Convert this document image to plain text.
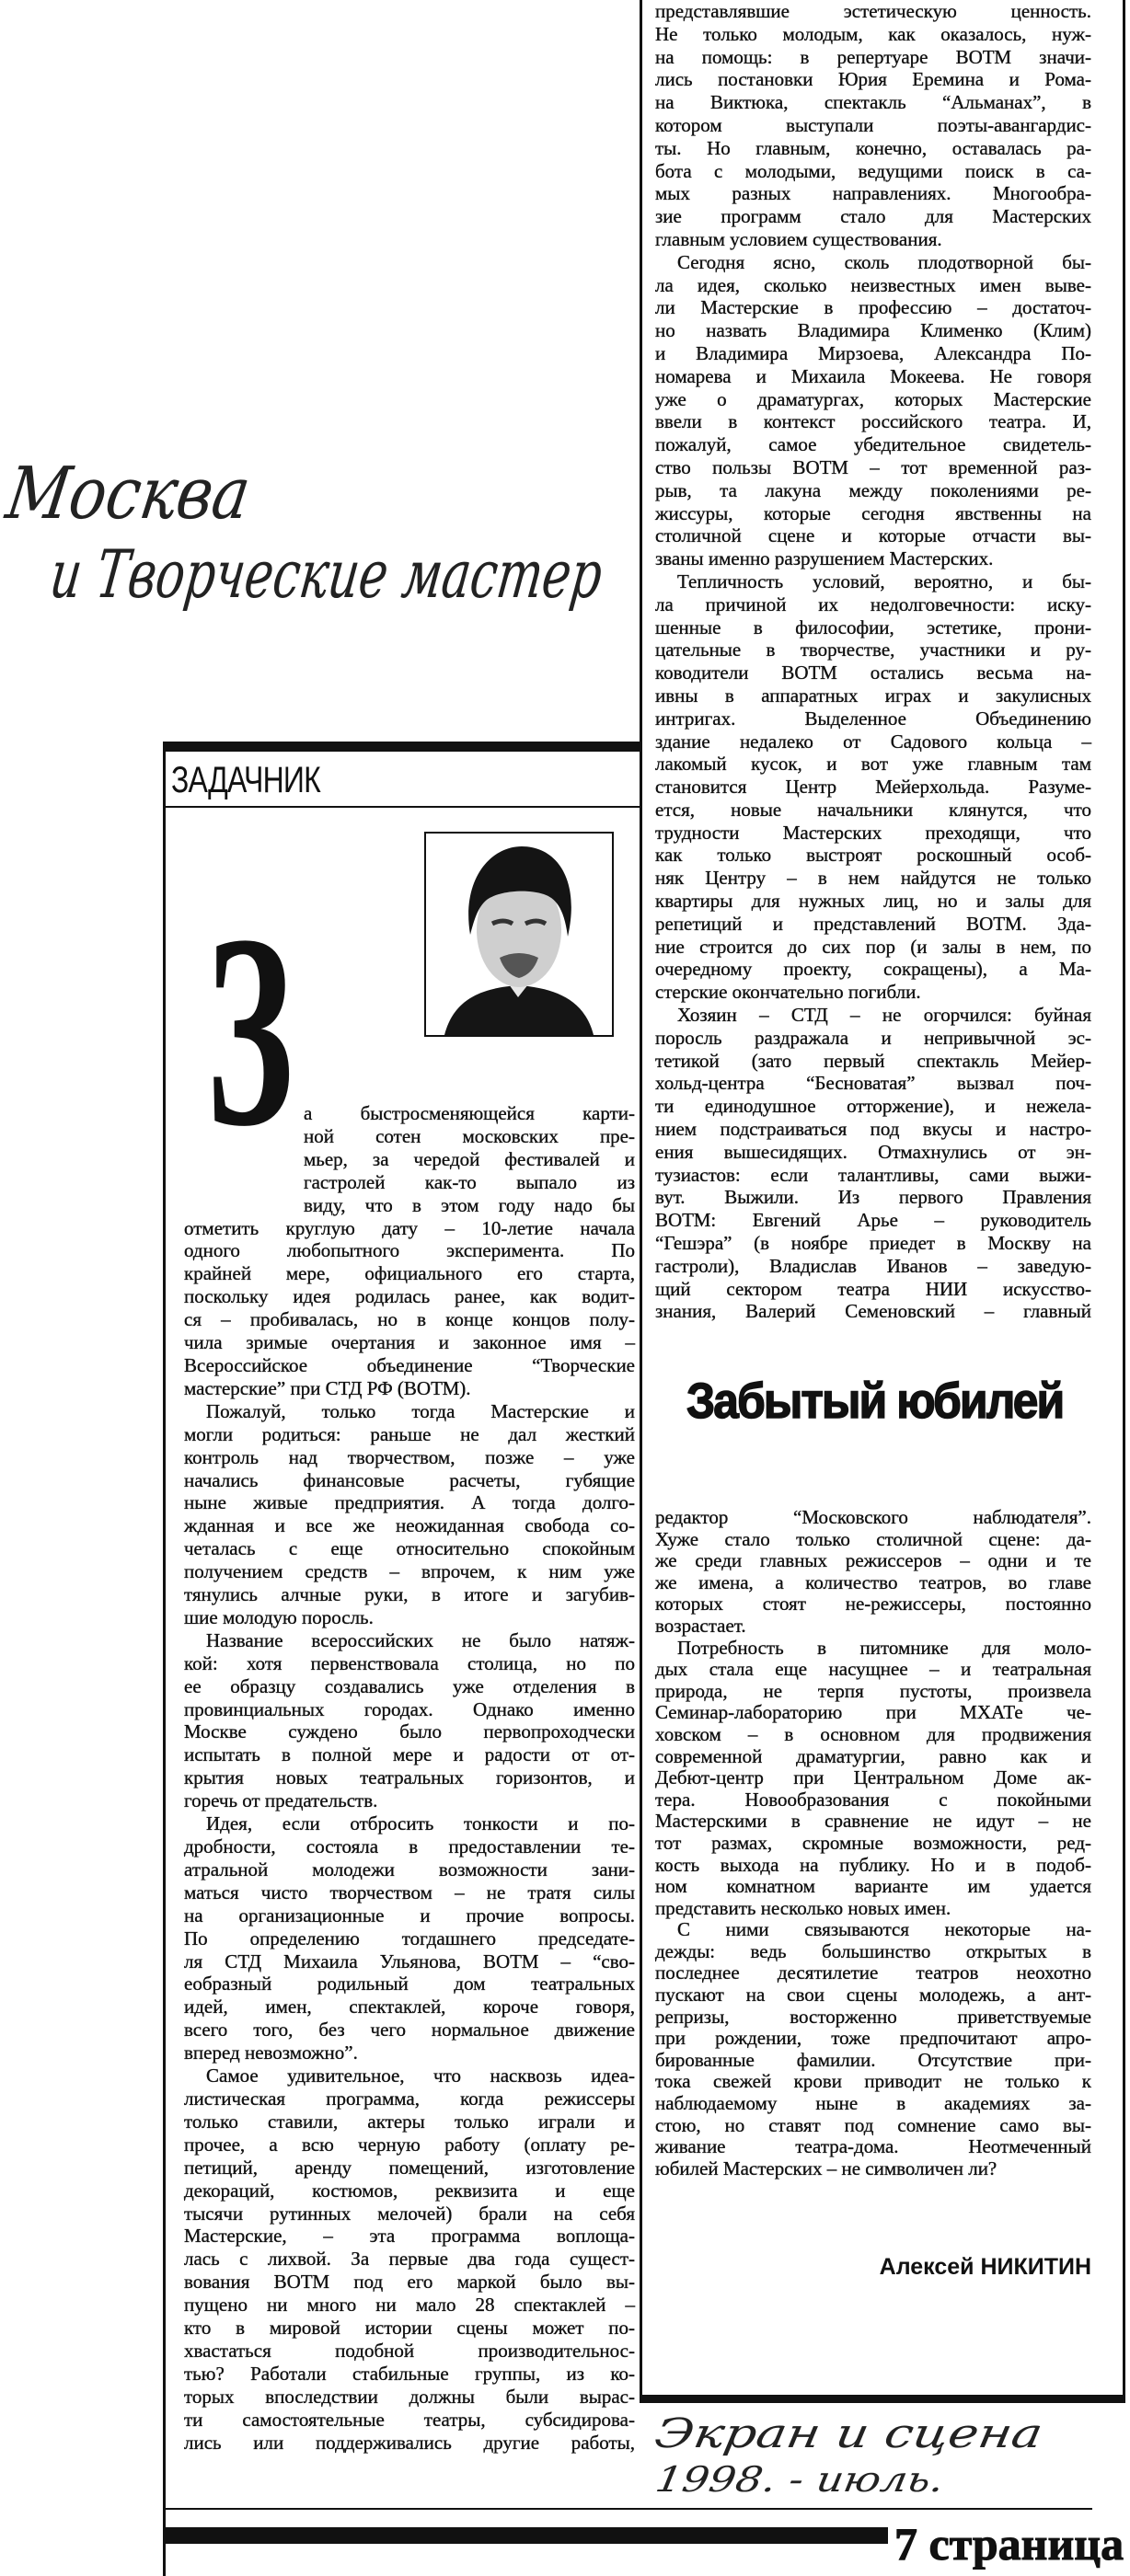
Москва
и Творческие мастер
ЗАДАЧНИК
З а быстросменяющейся карти-
ной сотен московских пре-
мьер, за чередой фестивалей и
гастролей как-то выпало из
виду, что в этом году надо бы
отметить круглую дату – 10-летие начала
одного любопытного эксперимента. По
крайней мере, официального его старта,
поскольку идея родилась ранее, как водит-
ся – пробивалась, но в конце концов полу-
чила зримые очертания и законное имя –
Всероссийское объединение “Творческие
мастерские” при СТД РФ (ВОТМ).
Пожалуй, только тогда Мастерские и
могли родиться: раньше не дал жесткий
контроль над творчеством, позже – уже
начались финансовые расчеты, губящие
ныне живые предприятия. А тогда долго-
жданная и все же неожиданная свобода со-
четалась с еще относительно спокойным
получением средств – впрочем, к ним уже
тянулись алчные руки, в итоге и загубив-
шие молодую поросль.
Название всероссийских не было натяж-
кой: хотя первенствовала столица, но по
ее образцу создавались уже отделения в
провинциальных городах. Однако именно
Москве суждено было первопроходчески
испытать в полной мере и радости от от-
крытия новых театральных горизонтов, и
горечь от предательств.
Идея, если отбросить тонкости и по-
дробности, состояла в предоставлении те-
атральной молодежи возможности зани-
маться чисто творчеством – не тратя силы
на организационные и прочие вопросы.
По определению тогдашнего председате-
ля СТД Михаила Ульянова, ВОТМ – “сво-
еобразный родильный дом театральных
идей, имен, спектаклей, короче говоря,
всего того, без чего нормальное движение
вперед невозможно”.
Самое удивительное, что насквозь идеа-
листическая программа, когда режиссеры
только ставили, актеры только играли и
прочее, а всю черную работу (оплату ре-
петиций, аренду помещений, изготовление
декораций, костюмов, реквизита и еще
тысячи рутинных мелочей) брали на себя
Мастерские, – эта программа воплоща-
лась с лихвой. За первые два года сущест-
вования ВОТМ под его маркой было вы-
пущено ни много ни мало 28 спектаклей –
кто в мировой истории сцены может по-
хвастаться подобной производительнос-
тью? Работали стабильные группы, из ко-
торых впоследствии должны были вырас-
ти самостоятельные театры, субсидирова-
лись или поддерживались другие работы,
представлявшие эстетическую ценность.
Не только молодым, как оказалось, нуж-
на помощь: в репертуаре ВОТМ значи-
лись постановки Юрия Еремина и Рома-
на Виктюка, спектакль “Альманах”, в
котором выступали поэты-авангардис-
ты. Но главным, конечно, оставалась ра-
бота с молодыми, ведущими поиск в са-
мых разных направлениях. Многообра-
зие программ стало для Мастерских
главным условием существования.
Сегодня ясно, сколь плодотворной бы-
ла идея, сколько неизвестных имен выве-
ли Мастерские в профессию – достаточ-
но назвать Владимира Клименко (Клим)
и Владимира Мирзоева, Александра По-
номарева и Михаила Мокеева. Не говоря
уже о драматургах, которых Мастерские
ввели в контекст российского театра. И,
пожалуй, самое убедительное свидетель-
ство пользы ВОТМ – тот временной раз-
рыв, та лакуна между поколениями ре-
жиссуры, которые сегодня явственны на
столичной сцене и которые отчасти вы-
званы именно разрушением Мастерских.
Тепличность условий, вероятно, и бы-
ла причиной их недолговечности: иску-
шенные в философии, эстетике, прони-
цательные в творчестве, участники и ру-
ководители ВОТМ остались весьма на-
ивны в аппаратных играх и закулисных
интригах. Выделенное Объединению
здание недалеко от Садового кольца –
лакомый кусок, и вот уже главным там
становится Центр Мейерхольда. Разуме-
ется, новые начальники клянутся, что
трудности Мастерских преходящи, что
как только выстроят роскошный особ-
няк Центру – в нем найдутся не только
квартиры для нужных лиц, но и залы для
репетиций и представлений ВОТМ. Зда-
ние строится до сих пор (и залы в нем, по
очередному проекту, сокращены), а Ма-
стерские окончательно погибли.
Хозяин – СТД – не огорчился: буйная
поросль раздражала и непривычной эс-
тетикой (зато первый спектакль Мейер-
хольд-центра “Бесноватая” вызвал поч-
ти единодушное отторжение), и нежела-
нием подстраиваться под вкусы и настро-
ения вышесидящих. Отмахнулись от эн-
тузиастов: если талантливы, сами выжи-
вут. Выжили. Из первого Правления
ВОТМ: Евгений Арье – руководитель
“Гешэра” (в ноябре приедет в Москву на
гастроли), Владислав Иванов – заведую-
щий сектором театра НИИ искусство-
знания, Валерий Семеновский – главный
Забытый юбилей
редактор “Московского наблюдателя”.
Хуже стало только столичной сцене: да-
же среди главных режиссеров – одни и те
же имена, а количество театров, во главе
которых стоят не-режиссеры, постоянно
возрастает.
Потребность в питомнике для моло-
дых стала еще насущнее – и театральная
природа, не терпя пустоты, произвела
Семинар-лабораторию при МХАТе че-
ховском – в основном для продвижения
современной драматургии, равно как и
Дебют-центр при Центральном Доме ак-
тера. Новообразования с покойными
Мастерскими в сравнение не идут – не
тот размах, скромные возможности, ред-
кость выхода на публику. Но и в подоб-
ном комнатном варианте им удается
представить несколько новых имен.
С ними связываются некоторые на-
дежды: ведь большинство открытых в
последнее десятилетие театров неохотно
пускают на свои сцены молодежь, а ант-
репризы, восторженно приветствуемые
при рождении, тоже предпочитают апро-
бированные фамилии. Отсутствие при-
тока свежей крови приводит не только к
наблюдаемому ныне в академиях за-
стою, но ставят под сомнение само вы-
живание театра-дома. Неотмеченный
юбилей Мастерских – не символичен ли?
Алексей НИКИТИН
Экран и сцена
1998. - июль.
7 страница
